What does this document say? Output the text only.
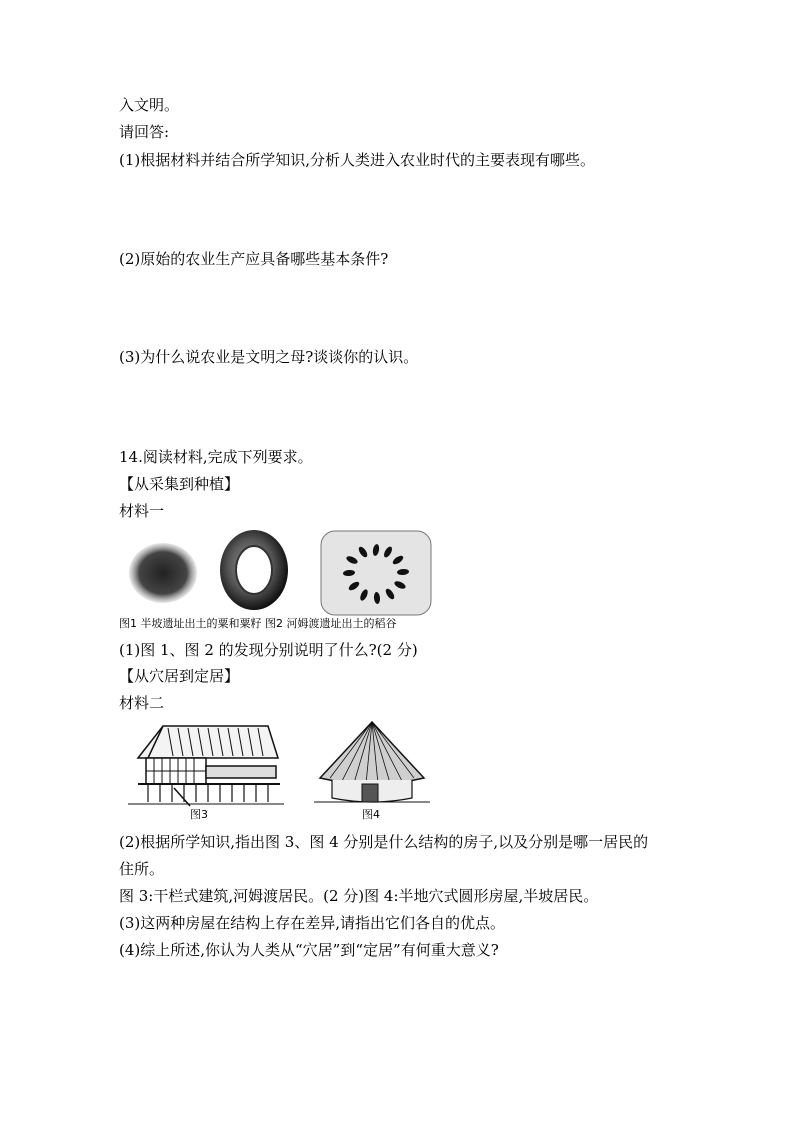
入文明。
请回答:
(1)根据材料并结合所学知识,分析人类进入农业时代的主要表现有哪些。
(2)原始的农业生产应具备哪些基本条件?
(3)为什么说农业是文明之母?谈谈你的认识。
14.阅读材料,完成下列要求。
【从采集到种植】
材料一
图1 半坡遗址出土的粟和粟籽 图2 河姆渡遗址出土的稻谷
(1)图 1、图 2 的发现分别说明了什么?(2 分)
【从穴居到定居】
材料二
图3	图4
(2)根据所学知识,指出图 3、图 4 分别是什么结构的房子,以及分别是哪一居民的
住所。
图 3:干栏式建筑,河姆渡居民。(2 分)图 4:半地穴式圆形房屋,半坡居民。
(3)这两种房屋在结构上存在差异,请指出它们各自的优点。
(4)综上所述,你认为人类从“穴居”到“定居”有何重大意义?
